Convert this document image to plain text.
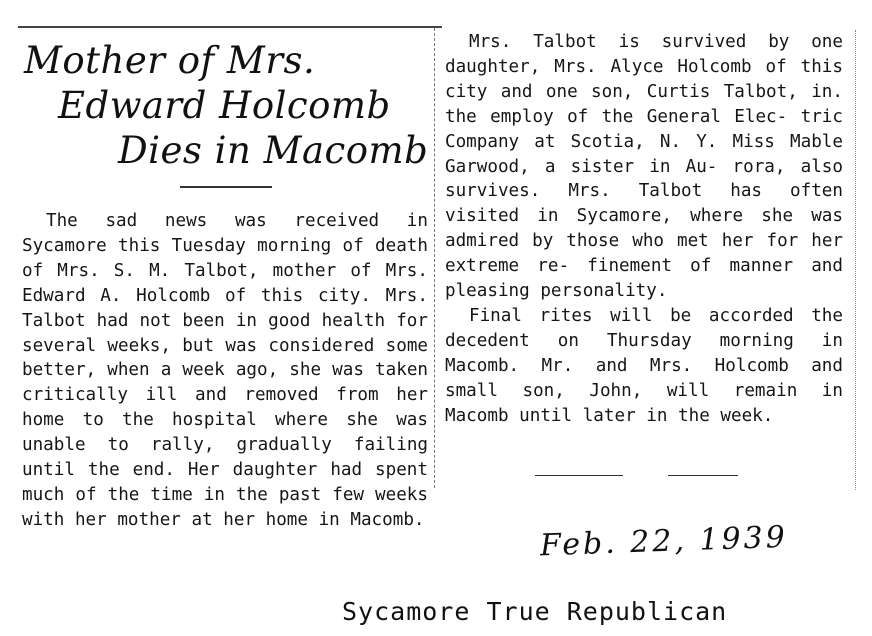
Mother of Mrs.
Edward Holcomb
Dies in Macomb

The sad news was received in Sycamore this Tuesday morning of death of Mrs. S. M. Talbot, mother of Mrs. Edward A. Holcomb of this city. Mrs. Talbot had not been in good health for several weeks, but was considered some better, when a week ago, she was taken critically ill and removed from her home to the hospital where she was unable to rally, gradually failing until the end. Her daughter had spent much of the time in the past few weeks with her mother at her home in Macomb.

Mrs. Talbot is survived by one daughter, Mrs. Alyce Holcomb of this city and one son, Curtis Talbot, in. the employ of the General Elec- tric Company at Scotia, N. Y. Miss Mable Garwood, a sister in Au- rora, also survives. Mrs. Talbot has often visited in Sycamore, where she was admired by those who met her for her extreme re- finement of manner and pleasing personality.

Final rites will be accorded the decedent on Thursday morning in Macomb. Mr. and Mrs. Holcomb and small son, John, will remain in Macomb until later in the week.

Feb. 22, 1939
Sycamore True Republican
